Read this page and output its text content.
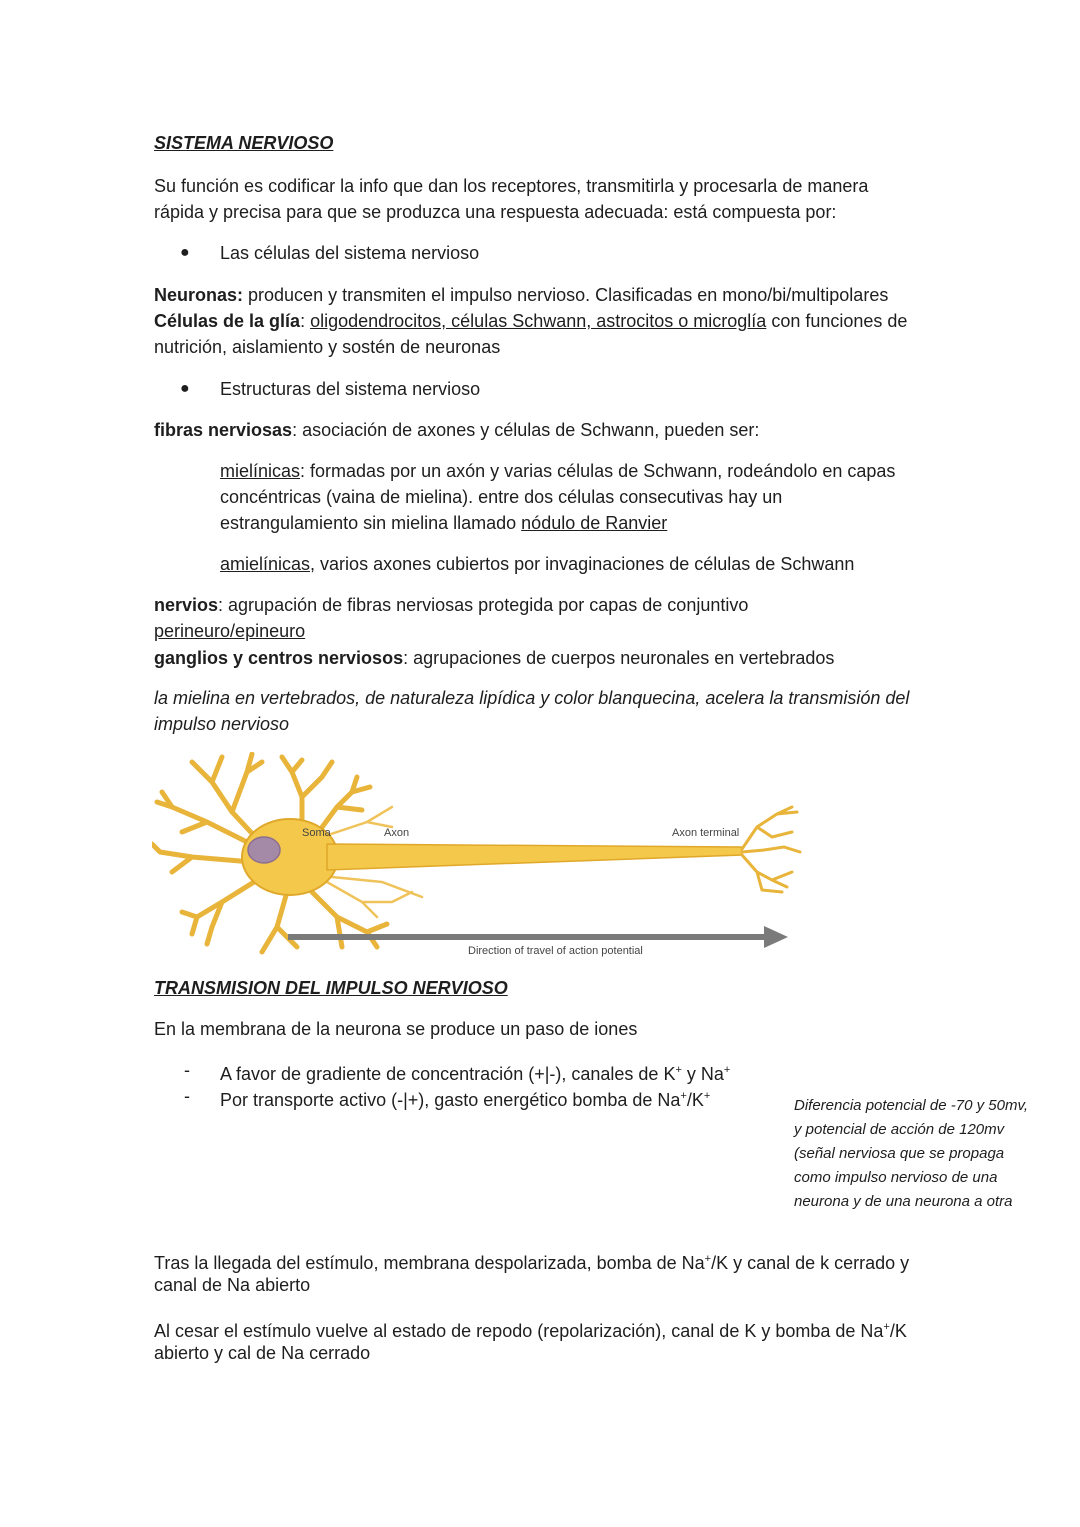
SISTEMA NERVIOSO

Su función es codificar la info que dan los receptores, transmitirla y procesarla de manera

rápida y precisa para que se produzca una respuesta adecuada: está compuesta por:

● Las células del sistema nervioso

Neuronas: producen y transmiten el impulso nervioso. Clasificadas en mono/bi/multipolares

Células de la glía: oligodendrocitos, células Schwann, astrocitos o microglía con funciones de

nutrición, aislamiento y sostén de neuronas

● Estructuras del sistema nervioso

fibras nerviosas: asociación de axones y células de Schwann, pueden ser:

mielínicas: formadas por un axón y varias células de Schwann, rodeándolo en capas

concéntricas (vaina de mielina). entre dos células consecutivas hay un

estrangulamiento sin mielina llamado nódulo de Ranvier

amielínicas, varios axones cubiertos por invaginaciones de células de Schwann

nervios: agrupación de fibras nerviosas protegida por capas de conjuntivo

perineuro/epineuro

ganglios y centros nerviosos: agrupaciones de cuerpos neuronales en vertebrados

la mielina en vertebrados, de naturaleza lipídica y color blanquecina, acelera la transmisión del

impulso nervioso

Soma	Axon	Axon terminal
Direction of travel of action potential
TRANSMISION DEL IMPULSO NERVIOSO

En la membrana de la neurona se produce un paso de iones

- A favor de gradiente de concentración (+|-), canales de K+ y Na+
- Por transporte activo (-|+), gasto energético bomba de Na+/K+
Diferencia potencial de -70 y 50mv,
y potencial de acción de 120mv
(señal nerviosa que se propaga
como impulso nervioso de una
neurona y de una neurona a otra

Tras la llegada del estímulo, membrana despolarizada, bomba de Na+/K y canal de k cerrado y

canal de Na abierto

Al cesar el estímulo vuelve al estado de repodo (repolarización), canal de K y bomba de Na+/K

abierto y cal de Na cerrado
